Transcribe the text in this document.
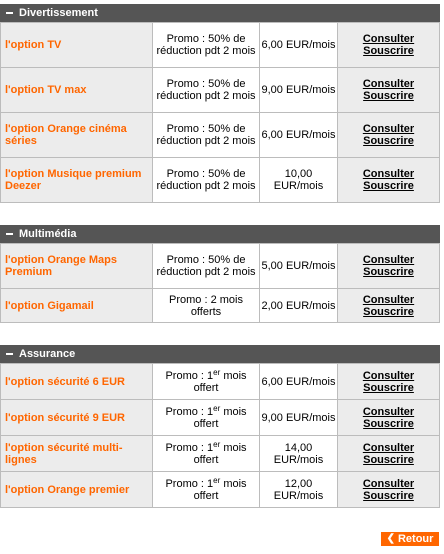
Divertissement
l'option TV	Promo : 50% de réduction pdt 2 mois	6,00 EUR/mois	Consulter
Souscrire

l'option TV max	Promo : 50% de réduction pdt 2 mois	9,00 EUR/mois	Consulter
Souscrire

l'option Orange cinéma séries	Promo : 50% de réduction pdt 2 mois	6,00 EUR/mois	Consulter
Souscrire

l'option Musique premium Deezer	Promo : 50% de réduction pdt 2 mois	10,00 EUR/mois	Consulter
Souscrire
Multimédia
l'option Orange Maps Premium	Promo : 50% de réduction pdt 2 mois	5,00 EUR/mois	Consulter
Souscrire

l'option Gigamail	Promo : 2 mois offerts	2,00 EUR/mois	Consulter
Souscrire
Assurance
l'option sécurité 6 EUR	Promo : 1er mois offert	6,00 EUR/mois	Consulter
Souscrire

l'option sécurité 9 EUR	Promo : 1er mois offert	9,00 EUR/mois	Consulter
Souscrire

l'option sécurité multi-lignes	Promo : 1er mois offert	14,00 EUR/mois	Consulter
Souscrire

l'option Orange premier	Promo : 1er mois offert	12,00 EUR/mois	Consulter
Souscrire
❮ Retour
